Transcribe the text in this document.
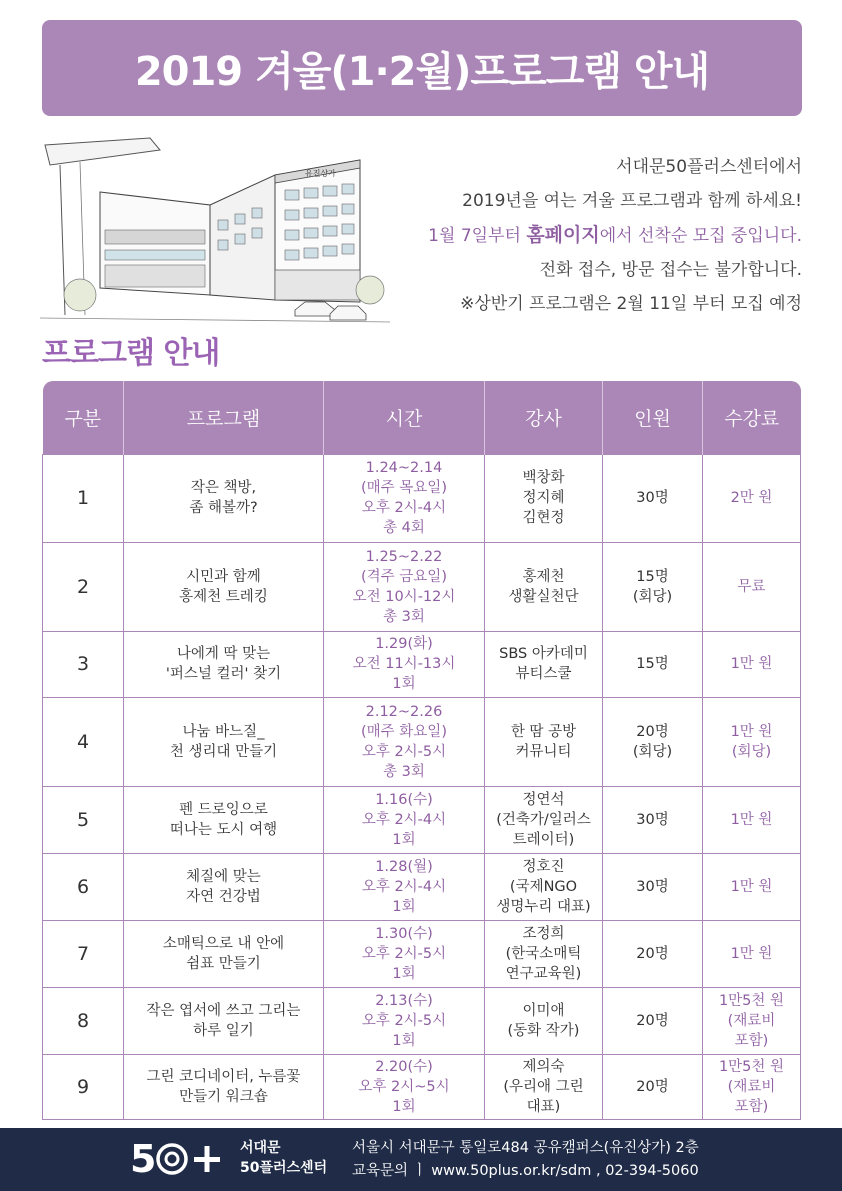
2019 겨울(1·2월)프로그램 안내
유진상가	서대문50플러스센터에서
2019년을 여는 겨울 프로그램과 함께 하세요!
1월 7일부터 홈페이지에서 선착순 모집 중입니다.
전화 접수, 방문 접수는 불가합니다.
※상반기 프로그램은 2월 11일 부터 모집 예정
프로그램 안내
구분	프로그램	시간	강사	인원	수강료
1	작은 책방,
좀 해볼까?	1.24~2.14
(매주 목요일)
오후 2시-4시
총 4회	백창화
정지혜
김현정	30명	2만 원
2	시민과 함께
홍제천 트레킹	1.25~2.22
(격주 금요일)
오전 10시-12시
총 3회	홍제천
생활실천단	15명
(회당)	무료
3	나에게 딱 맞는
'퍼스널 컬러' 찾기	1.29(화)
오전 11시-13시
1회	SBS 아카데미
뷰티스쿨	15명	1만 원
4	나눔 바느질_
천 생리대 만들기	2.12~2.26
(매주 화요일)
오후 2시-5시
총 3회	한 땀 공방
커뮤니티	20명
(회당)	1만 원
(회당)
5	펜 드로잉으로
떠나는 도시 여행	1.16(수)
오후 2시-4시
1회	정연석
(건축가/일러스
트레이터)	30명	1만 원
6	체질에 맞는
자연 건강법	1.28(월)
오후 2시-4시
1회	정호진
(국제NGO
생명누리 대표)	30명	1만 원
7	소매틱으로 내 안에
쉼표 만들기	1.30(수)
오후 2시-5시
1회	조정희
(한국소매틱
연구교육원)	20명	1만 원
8	작은 엽서에 쓰고 그리는
하루 일기	2.13(수)
오후 2시-5시
1회	이미애
(동화 작가)	20명	1만5천 원
(재료비
포함)
9	그린 코디네이터, 누름꽃
만들기 워크숍	2.20(수)
오후 2시~5시
1회	제의숙
(우리애 그린
대표)	20명	1만5천 원
(재료비
포함)
5	서대문
50플러스센터
서울시 서대문구 통일로484 공유캠퍼스(유진상가) 2층
교육문의 ㅣ www.50plus.or.kr/sdm , 02-394-5060
